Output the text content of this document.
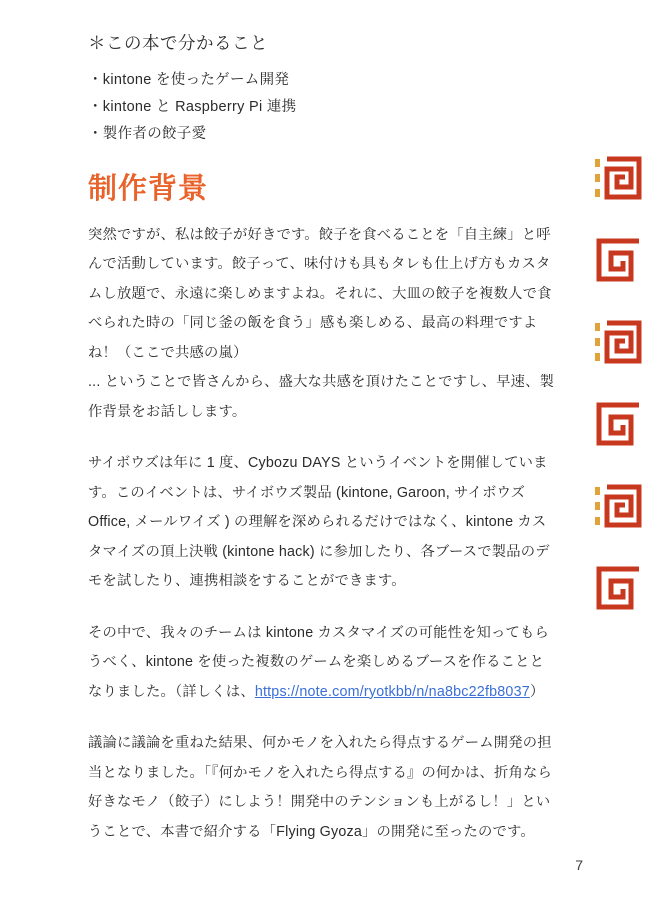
＊この本で分かること
・kintone を使ったゲーム開発
・kintone と Raspberry Pi 連携
・製作者の餃子愛
制作背景

突然ですが、私は餃子が好きです。餃子を食べることを「自主練」と呼んで活動しています。餃子って、味付けも具もタレも仕上げ方もカスタムし放題で、永遠に楽しめますよね。それに、大皿の餃子を複数人で食べられた時の「同じ釜の飯を食う」感も楽しめる、最高の料理ですよね！（ここで共感の嵐）

... ということで皆さんから、盛大な共感を頂けたことですし、早速、製作背景をお話しします。

サイボウズは年に 1 度、Cybozu DAYS というイベントを開催しています。このイベントは、サイボウズ製品 (kintone, Garoon, サイボウズ Office, メールワイズ ) の理解を深められるだけではなく、kintone カスタマイズの頂上決戦 (kintone hack) に参加したり、各ブースで製品のデモを試したり、連携相談をすることができます。

その中で、我々のチームは kintone カスタマイズの可能性を知ってもらうべく、kintone を使った複数のゲームを楽しめるブースを作ることとなりました。（詳しくは、https://note.com/ryotkbb/n/na8bc22fb8037）

議論に議論を重ねた結果、何かモノを入れたら得点するゲーム開発の担当となりました。「『何かモノを入れたら得点する』の何かは、折角なら好きなモノ（餃子）にしよう！開発中のテンションも上がるし！」ということで、本書で紹介する「Flying Gyoza」の開発に至ったのです。

7
